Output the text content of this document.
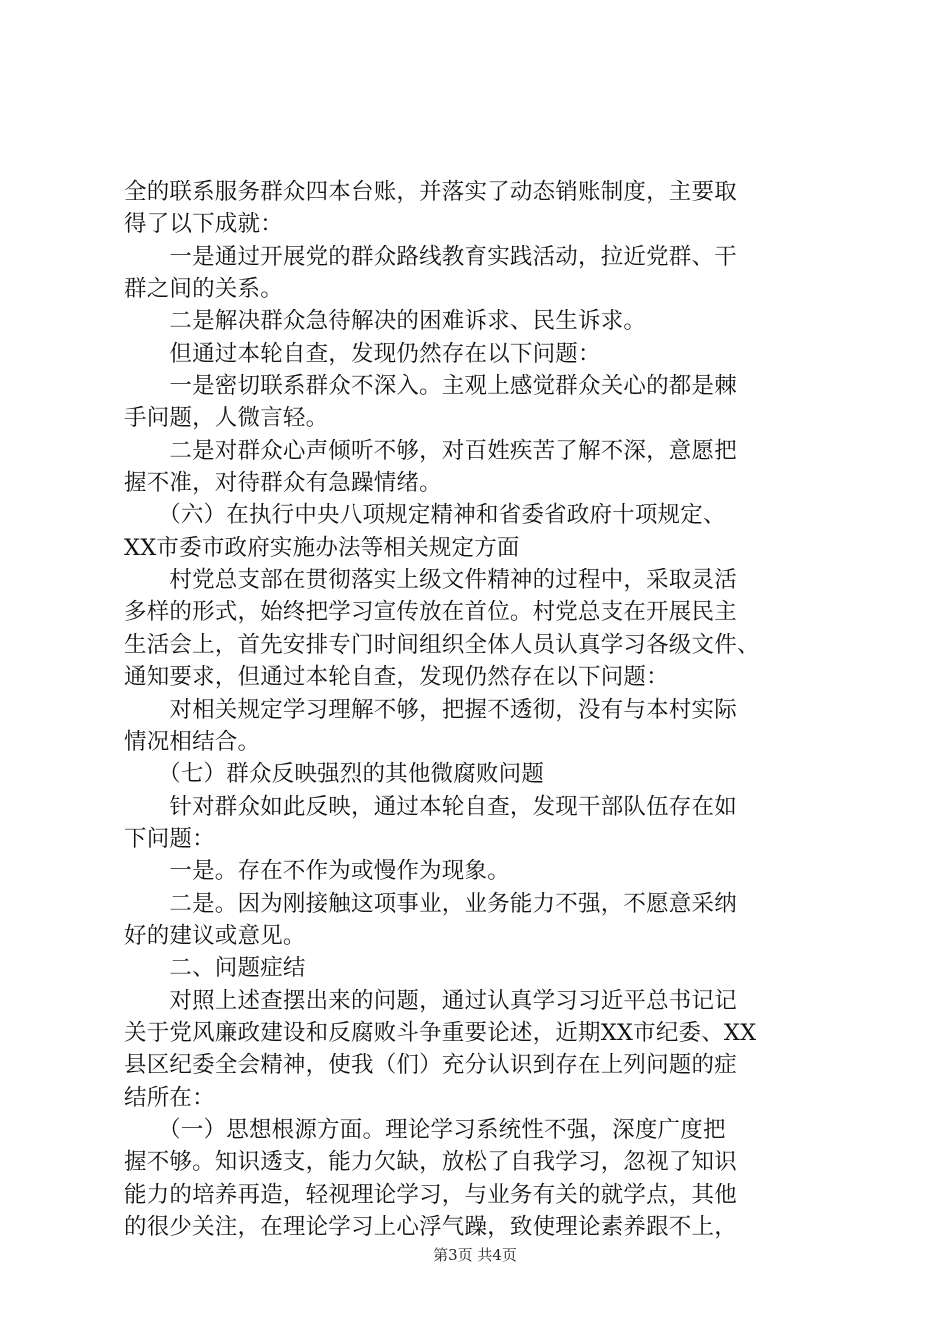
全的联系服务群众四本台账，并落实了动态销账制度，主要取
得了以下成就：
　　一是通过开展党的群众路线教育实践活动，拉近党群、干
群之间的关系。
　　二是解决群众急待解决的困难诉求、民生诉求。
　　但通过本轮自查，发现仍然存在以下问题：
　　一是密切联系群众不深入。主观上感觉群众关心的都是棘
手问题，人微言轻。
　　二是对群众心声倾听不够，对百姓疾苦了解不深，意愿把
握不准，对待群众有急躁情绪。
　　（六）在执行中央八项规定精神和省委省政府十项规定、
XX市委市政府实施办法等相关规定方面
　　村党总支部在贯彻落实上级文件精神的过程中，采取灵活
多样的形式，始终把学习宣传放在首位。村党总支在开展民主
生活会上，首先安排专门时间组织全体人员认真学习各级文件、
通知要求，但通过本轮自查，发现仍然存在以下问题：
　　对相关规定学习理解不够，把握不透彻，没有与本村实际
情况相结合。
　　（七）群众反映强烈的其他微腐败问题
　　针对群众如此反映，通过本轮自查，发现干部队伍存在如
下问题：
　　一是。存在不作为或慢作为现象。
　　二是。因为刚接触这项事业，业务能力不强，不愿意采纳
好的建议或意见。
　　二、问题症结
　　对照上述查摆出来的问题，通过认真学习习近平总书记记
关于党风廉政建设和反腐败斗争重要论述，近期XX市纪委、XX
县区纪委全会精神，使我（们）充分认识到存在上列问题的症
结所在：
　　（一）思想根源方面。理论学习系统性不强，深度广度把
握不够。知识透支，能力欠缺，放松了自我学习，忽视了知识
能力的培养再造，轻视理论学习，与业务有关的就学点，其他
的很少关注，在理论学习上心浮气躁，致使理论素养跟不上，
第3页 共4页
